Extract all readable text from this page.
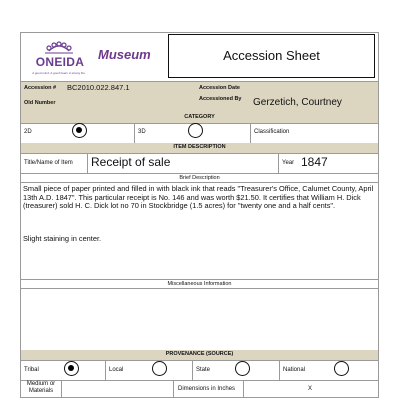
ONEIDA
A good mind. A good heart. A strong fire.
Museum	Accession Sheet
Accession # BC2010.022.847.1	Accession Date
Old Number
Accessioned By Gerzetich, Courtney
CATEGORY
2D	3D	Classification
ITEM DESCRIPTION
Title/Name of Item Receipt of sale	Year 1847
Brief Description
Small piece of paper printed and filled in with black ink that reads "Treasurer's Office, Calumet County, April 13th A.D. 1847". This particular receipt is No. 146 and was worth $21.50. It certifies that William H. Dick (treasurer) sold H. C. Dick lot no 70 in Stockbridge (1.5 acres) for "twenty one and a half cents".
Slight staining in center.
Miscellaneous Information
PROVENANCE (SOURCE)
Tribal	Local	State	National
Medium or Materials	Dimensions in Inches	X
